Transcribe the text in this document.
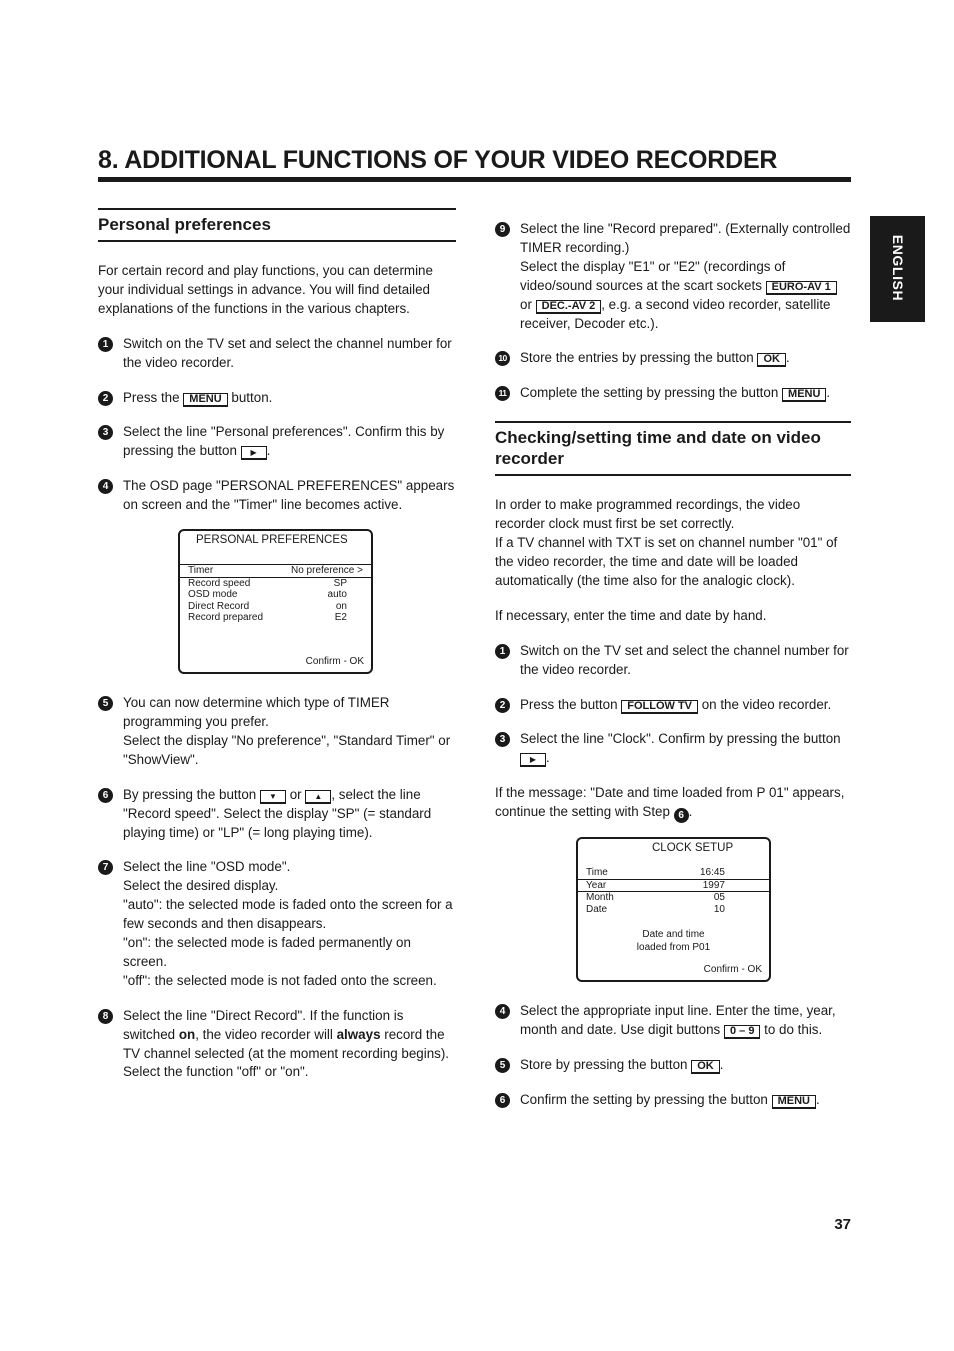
8. ADDITIONAL FUNCTIONS OF YOUR VIDEO RECORDER
ENGLISH
Personal preferences

For certain record and play functions, you can determine your individual settings in advance. You will find detailed explanations of the functions in the various chapters.

1	Switch on the TV set and select the channel number for the video recorder.

2	Press the MENU button.

3	Select the line "Personal preferences". Confirm this by pressing the button ▶ .

4	The OSD page "PERSONAL PREFERENCES" appears on screen and the "Timer" line becomes active.

PERSONAL PREFERENCES
Timer	No preference >
Record speed	SP
OSD mode	auto
Direct Record	on
Record prepared	E2
Confirm - OK
5	You can now determine which type of TIMER programming you prefer.

Select the display "No preference", "Standard Timer" or "ShowView".

6	By pressing the button ▼ or ▲ , select the line "Record speed". Select the display "SP" (= standard playing time) or "LP" (= long playing time).

7	Select the line "OSD mode".

Select the desired display.

"auto": the selected mode is faded onto the screen for a few seconds and then disappears.

"on": the selected mode is faded permanently on screen.

"off": the selected mode is not faded onto the screen.

8	Select the line "Direct Record". If the function is switched on, the video recorder will always record the TV channel selected (at the moment recording begins). Select the function "off" or "on".

9	Select the line "Record prepared". (Externally controlled TIMER recording.)

Select the display "E1" or "E2" (recordings of video/sound sources at the scart sockets EURO-AV 1 or DEC.-AV 2 , e.g. a second video recorder, satellite receiver, Decoder etc.).

10 Store the entries by pressing the button OK .

11 Complete the setting by pressing the button MENU .

Checking/setting time and date on video recorder

In order to make programmed recordings, the video recorder clock must first be set correctly.

If a TV channel with TXT is set on channel number "01" of the video recorder, the time and date will be loaded automatically (the time also for the analogic clock).

If necessary, enter the time and date by hand.

1	Switch on the TV set and select the channel number for the video recorder.

2	Press the button FOLLOW TV on the video recorder.

3	Select the line "Clock". Confirm by pressing the button ▶ .

If the message: "Date and time loaded from P 01" appears, continue the setting with Step 6 .

CLOCK SETUP
Time	16:45
Year	1997
Month	05
Date	10
Date and time
loaded from P01
Confirm - OK
4	Select the appropriate input line. Enter the time, year, month and date. Use digit buttons 0 – 9 to do this.

5	Store by pressing the button OK .

6	Confirm the setting by pressing the button MENU .

37
